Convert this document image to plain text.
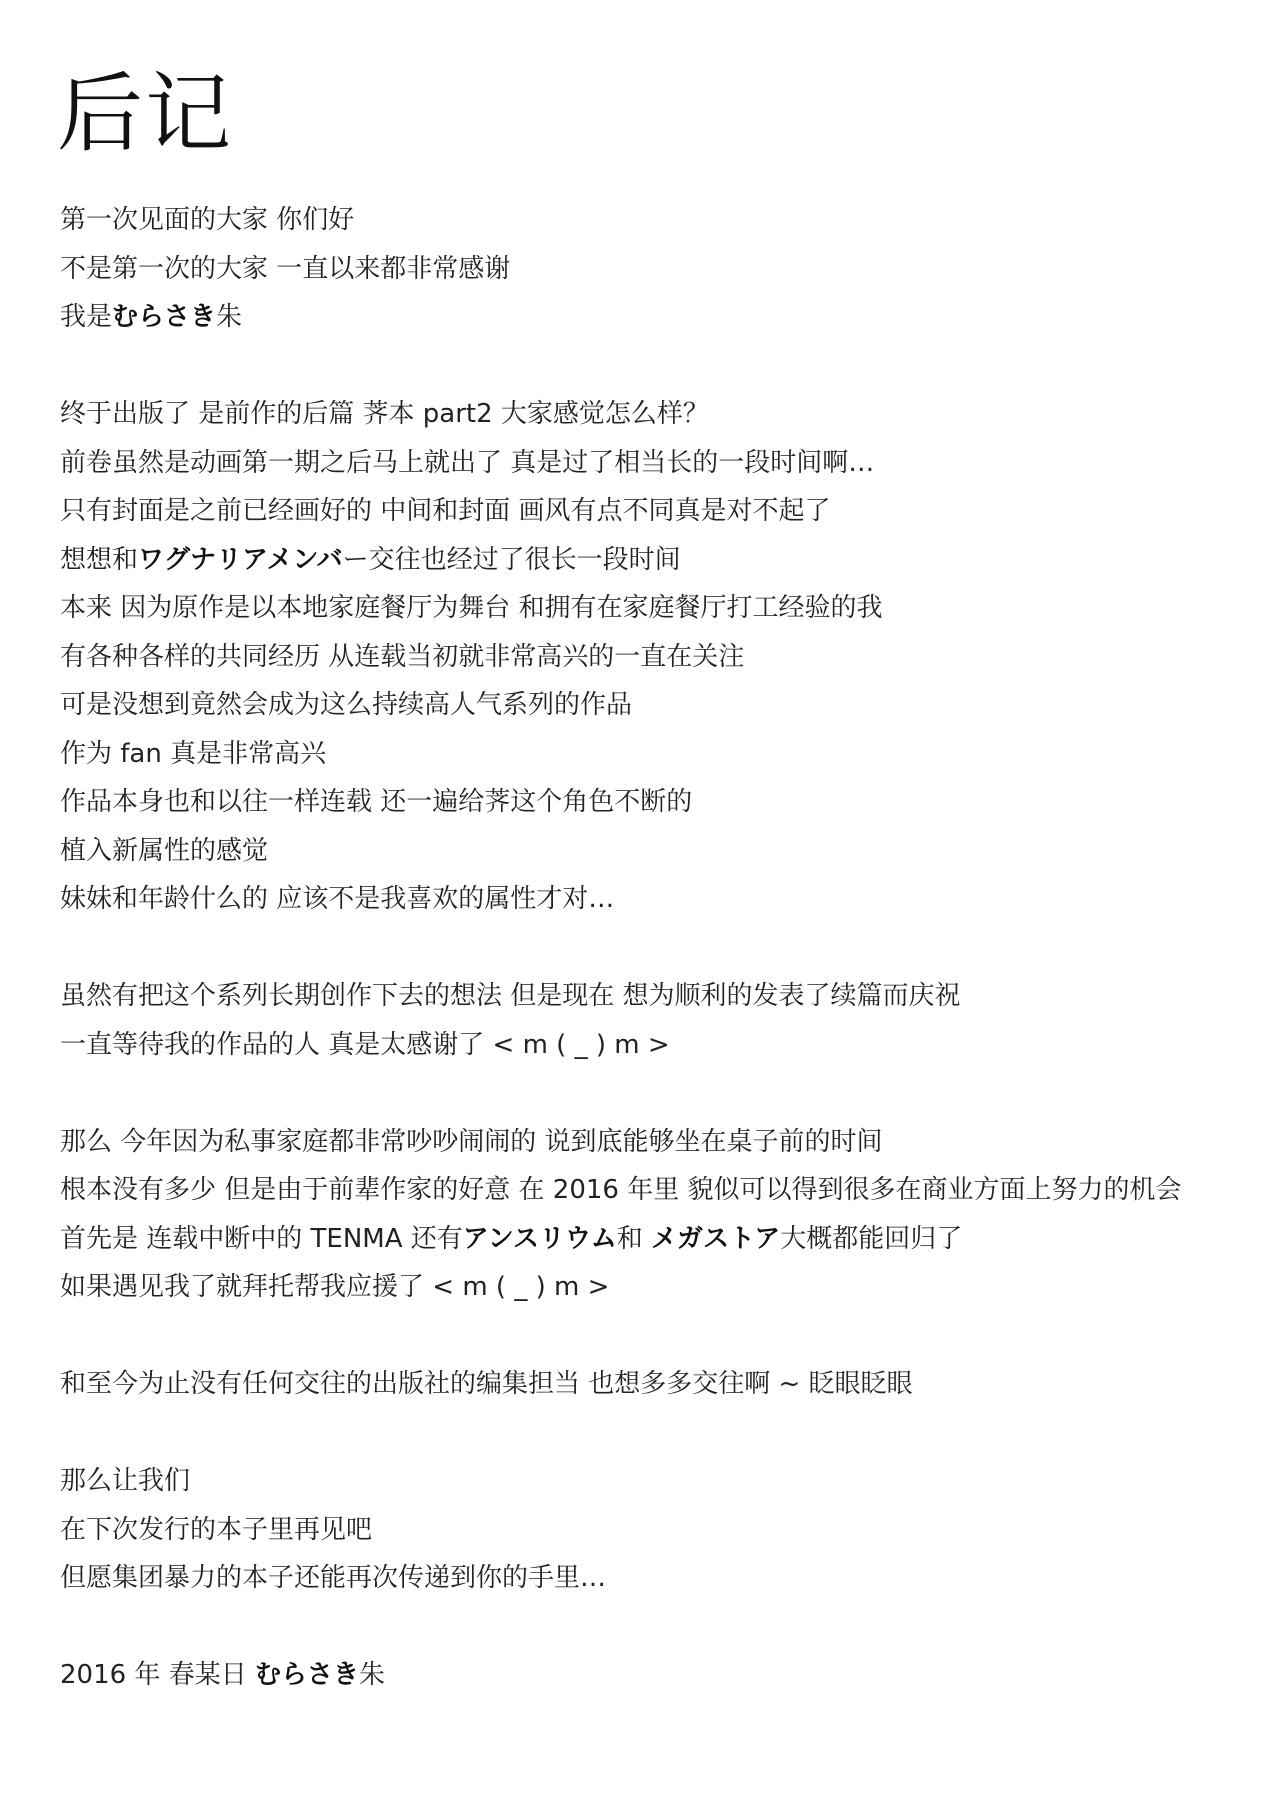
后记
第一次见面的大家 你们好
不是第一次的大家 一直以来都非常感谢
我是むらさき朱
终于出版了 是前作的后篇 荠本 part2 大家感觉怎么样？
前卷虽然是动画第一期之后马上就出了 真是过了相当长的一段时间啊…
只有封面是之前已经画好的 中间和封面 画风有点不同真是对不起了
想想和ワグナリアメンバー交往也经过了很长一段时间
本来 因为原作是以本地家庭餐厅为舞台 和拥有在家庭餐厅打工经验的我
有各种各样的共同经历 从连载当初就非常高兴的一直在关注
可是没想到竟然会成为这么持续高人气系列的作品
作为 fan 真是非常高兴
作品本身也和以往一样连载 还一遍给荠这个角色不断的
植入新属性的感觉
妹妹和年龄什么的 应该不是我喜欢的属性才对…
虽然有把这个系列长期创作下去的想法 但是现在 想为顺利的发表了续篇而庆祝
一直等待我的作品的人 真是太感谢了 < m ( _ ) m >
那么 今年因为私事家庭都非常吵吵闹闹的 说到底能够坐在桌子前的时间
根本没有多少 但是由于前辈作家的好意 在 2016 年里 貌似可以得到很多在商业方面上努力的机会
首先是 连载中断中的 TENMA 还有アンスリウム和 メガストア大概都能回归了
如果遇见我了就拜托帮我应援了 < m ( _ ) m >
和至今为止没有任何交往的出版社的编集担当 也想多多交往啊 ~ 眨眼眨眼
那么让我们
在下次发行的本子里再见吧
但愿集团暴力的本子还能再次传递到你的手里…
2016 年 春某日 むらさき朱
